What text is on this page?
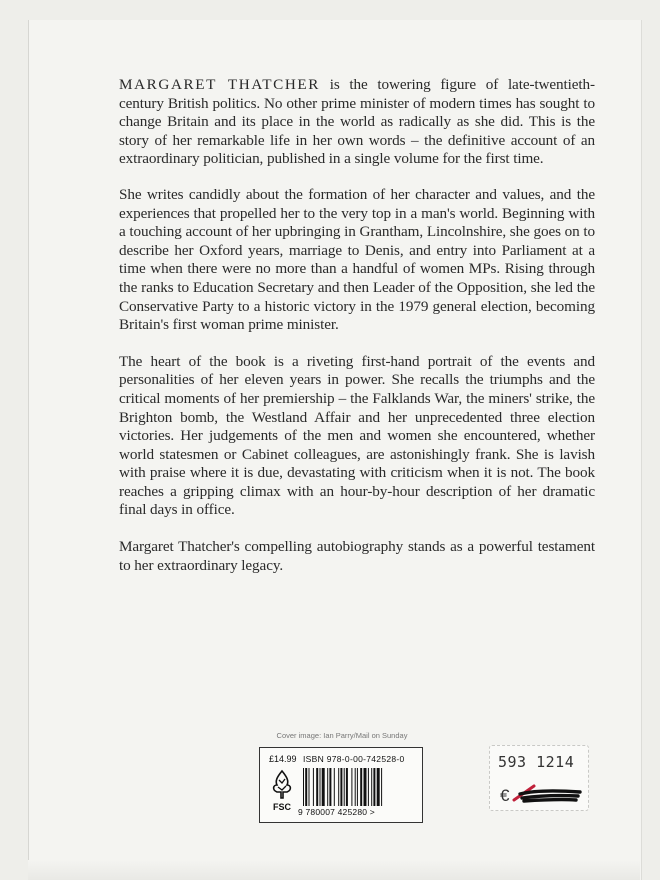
MARGARET THATCHER is the towering figure of late-twentieth-century British politics. No other prime minister of modern times has sought to change Britain and its place in the world as radically as she did. This is the story of her remarkable life in her own words – the definitive account of an extraordinary politician, published in a single volume for the first time.

She writes candidly about the formation of her character and values, and the experiences that propelled her to the very top in a man's world. Beginning with a touching account of her upbringing in Grantham, Lincolnshire, she goes on to describe her Oxford years, marriage to Denis, and entry into Parliament at a time when there were no more than a handful of women MPs. Rising through the ranks to Education Secretary and then Leader of the Opposition, she led the Conservative Party to a historic victory in the 1979 general election, becoming Britain's first woman prime minister.

The heart of the book is a riveting first-hand portrait of the events and personalities of her eleven years in power. She recalls the triumphs and the critical moments of her premiership – the Falklands War, the miners' strike, the Brighton bomb, the Westland Affair and her unprecedented three election victories. Her judgements of the men and women she encountered, whether world statesmen or Cabinet colleagues, are astonishingly frank. She is lavish with praise where it is due, devastating with criticism when it is not. The book reaches a gripping climax with an hour-by-hour description of her dramatic final days in office.

Margaret Thatcher's compelling autobiography stands as a powerful testament to her extraordinary legacy.

Cover image: Ian Parry/Mail on Sunday
£14.99 ISBN 978-0-00-742528-0
FSC 9 780007 425280 >
593 1214
€
